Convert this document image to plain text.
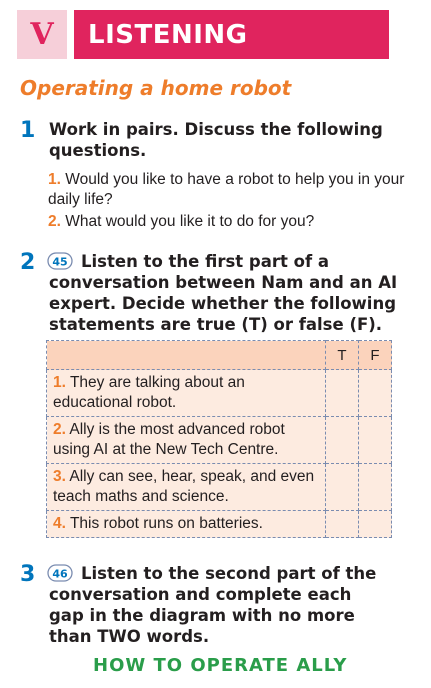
V	LISTENING
Operating a home robot
1 Work in pairs. Discuss the following questions.
1. Would you like to have a robot to help you in your daily life?
2. What would you like it to do for you?
2	Listen to the first part of a conversation between Nam and an AI expert. Decide whether the following statements are true (T) or false (F).
45
	T	F
1. They are talking about an educational robot.		
2. Ally is the most advanced robot using AI at the New Tech Centre.		
3. Ally can see, hear, speak, and even teach maths and science.		
4. This robot runs on batteries.		
3	Listen to the second part of the conversation and complete each gap in the diagram with no more than TWO words.
46
HOW TO OPERATE ALLY
